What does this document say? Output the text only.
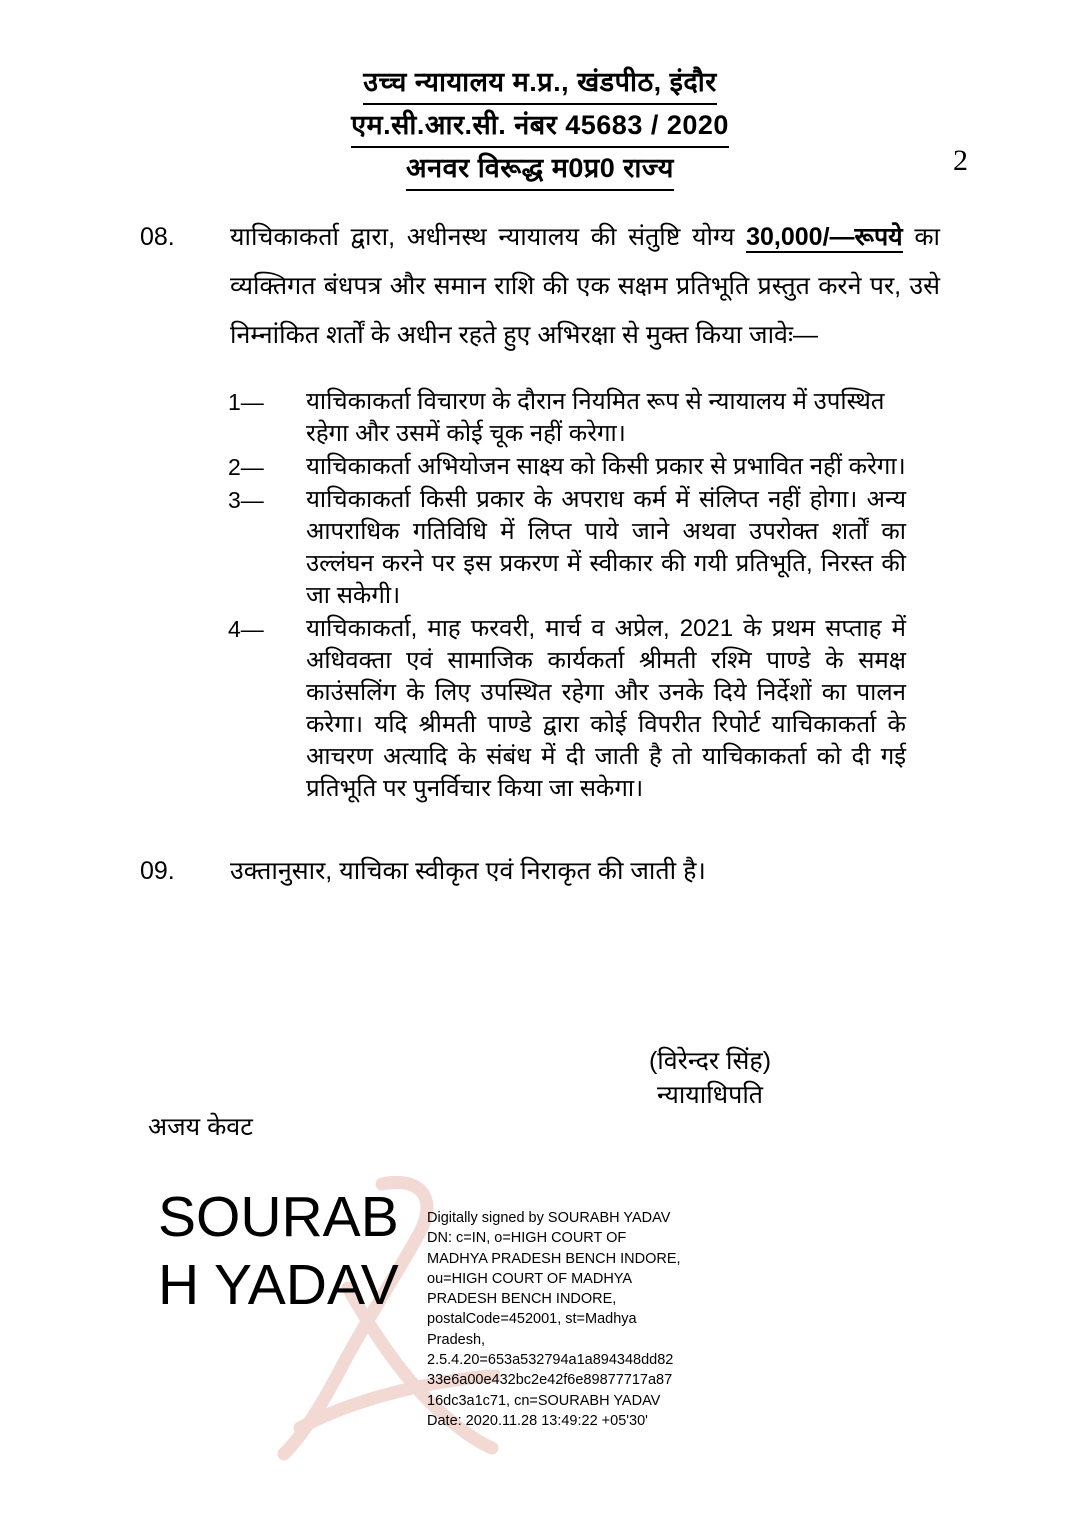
उच्च न्यायालय म.प्र., खंडपीठ, इंदौर
एम.सी.आर.सी. नंबर 45683 / 2020
अनवर विरूद्ध म0प्र0 राज्य	2
08.	याचिकाकर्ता द्वारा, अधीनस्थ न्यायालय की संतुष्टि योग्य 30,000/—रूपये का व्यक्तिगत बंधपत्र और समान राशि की एक सक्षम प्रतिभूति प्रस्तुत करने पर, उसे निम्नांकित शर्तों के अधीन रहते हुए अभिरक्षा से मुक्त किया जावेः—
1—	याचिकाकर्ता विचारण के दौरान नियमित रूप से न्यायालय में उपस्थित रहेगा और उसमें कोई चूक नहीं करेगा।
2—	याचिकाकर्ता अभियोजन साक्ष्य को किसी प्रकार से प्रभावित नहीं करेगा।
3—	याचिकाकर्ता किसी प्रकार के अपराध कर्म में संलिप्त नहीं होगा। अन्य आपराधिक गतिविधि में लिप्त पाये जाने अथवा उपरोक्त शर्तों का उल्लंघन करने पर इस प्रकरण में स्वीकार की गयी प्रतिभूति, निरस्त की जा सकेगी।
4—	याचिकाकर्ता, माह फरवरी, मार्च व अप्रेल, 2021 के प्रथम सप्ताह में अधिवक्ता एवं सामाजिक कार्यकर्ता श्रीमती रश्मि पाण्डे के समक्ष काउंसलिंग के लिए उपस्थित रहेगा और उनके दिये निर्देशों का पालन करेगा। यदि श्रीमती पाण्डे द्वारा कोई विपरीत रिपोर्ट याचिकाकर्ता के आचरण अत्यादि के संबंध में दी जाती है तो याचिकाकर्ता को दी गई प्रतिभूति पर पुनर्विचार किया जा सकेगा।
09.	उक्तानुसार, याचिका स्वीकृत एवं निराकृत की जाती है।
(विरेन्दर सिंह)
न्यायाधिपति
अजय केवट
SOURABH YADAV
Digitally signed by SOURABH YADAV
DN: c=IN, o=HIGH COURT OF
MADHYA PRADESH BENCH INDORE,
ou=HIGH COURT OF MADHYA
PRADESH BENCH INDORE,
postalCode=452001, st=Madhya
Pradesh,
2.5.4.20=653a532794a1a894348dd82
33e6a00e432bc2e42f6e89877717a87
16dc3a1c71, cn=SOURABH YADAV
Date: 2020.11.28 13:49:22 +05'30'
